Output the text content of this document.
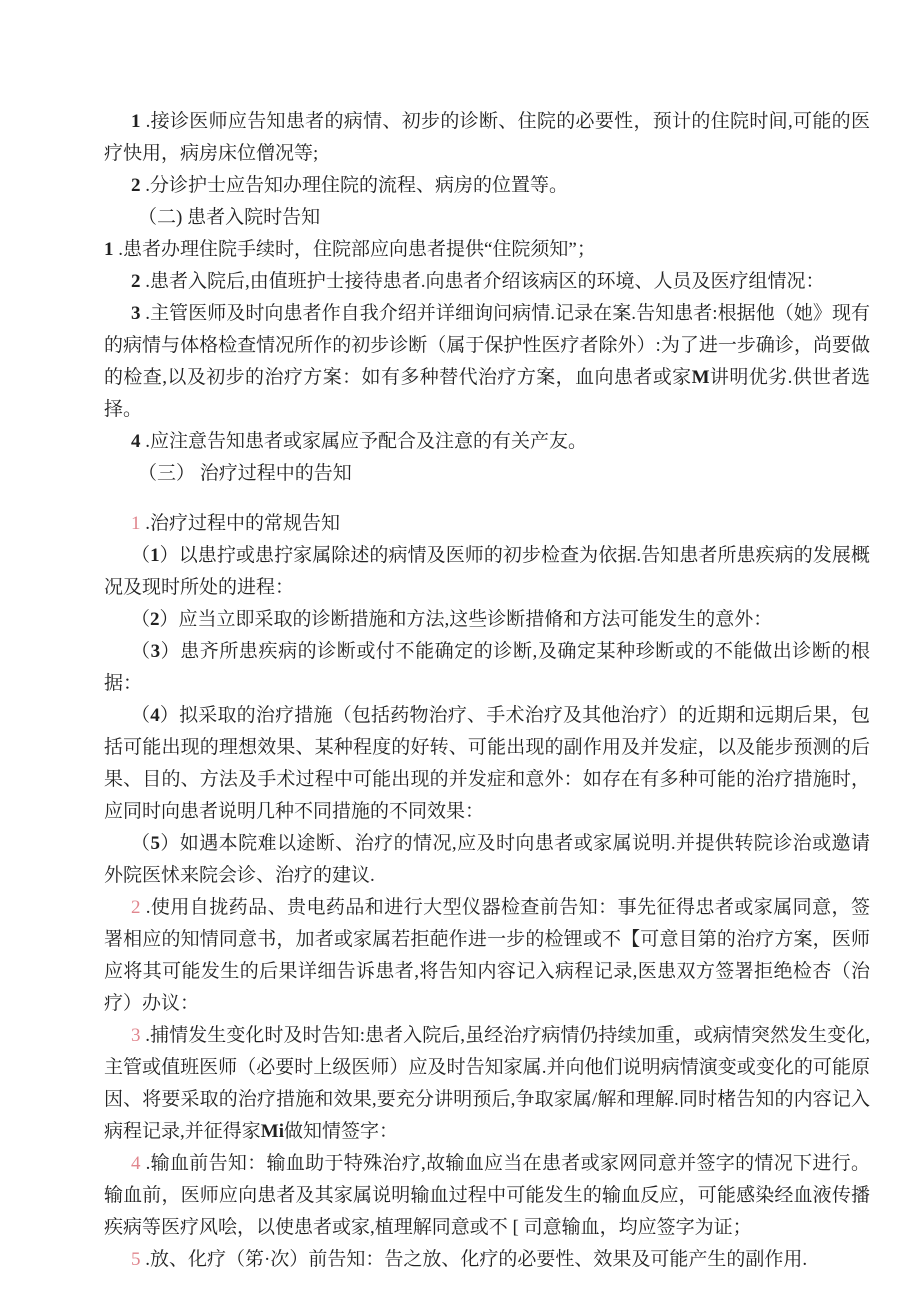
1 .接诊医师应告知患者的病情、初步的诊断、住院的必要性，预计的住院时间,可能的医疗快用，病房床位僧况等;

2 .分诊护士应告知办理住院的流程、病房的位置等。

（二) 患者入院时告知

1 .患者办理住院手续时，住院部应向患者提供“住院须知”；

2 .患者入院后,由值班护士接待患者.向患者介绍该病区的环境、人员及医疗组情况：

3 .主管医师及时向患者作自我介绍并详细询问病情.记录在案.告知患者:根据他（她》现有的病情与体格检查情况所作的初步诊断（属于保护性医疗者除外）:为了进一步确诊，尚要做的检查,以及初步的治疗方案：如有多种替代治疗方案，血向患者或家M讲明优劣.供世者选择。

4 .应注意告知患者或家属应予配合及注意的有关产友。

（三） 治疗过程中的告知

1 .治疗过程中的常规告知

（1）以患拧或患拧家属除述的病情及医师的初步检查为依据.告知患者所患疾病的发展概况及现时所处的进程：

（2）应当立即采取的诊断措施和方法,这些诊断措脩和方法可能发生的意外：

（3）患齐所患疾病的诊断或付不能确定的诊断,及确定某种珍断或的不能做出诊断的根据：

（4）拟采取的治疗措施（包括药物治疗、手术治疗及其他治疗）的近期和远期后果，包括可能出现的理想效果、某种程度的好转、可能出现的副作用及并发症，以及能步预测的后果、目的、方法及手术过程中可能出现的并发症和意外：如存在有多种可能的治疗措施时，应同时向患者说明几种不同措施的不同效果：

（5）如遇本院难以途断、治疗的情况,应及时向患者或家属说明.并提供转院诊治或邀请外院医怵来院会诊、治疗的建议.

2 .使用自拢药品、贵电药品和进行大型仪器检查前告知：事先征得忠者或家属同意，签署相应的知情同意书，加者或家属若拒葩作进一步的检锂或不【可意目第的治疗方案，医师应将其可能发生的后果详细告诉患者,将告知内容记入病程记录,医患双方签署拒绝检杏（治疗）办议：

3 .捕情发生变化时及时告知:患者入院后,虽经治疗病情仍持续加重，或病情突然发生变化,主管或值班医师（必要时上级医师）应及时告知家属.并向他们说明病情演变或变化的可能原因、将要采取的治疗措施和效果,要充分讲明预后,争取家属/解和理解.同时楮告知的内容记入病程记录,并征得家Mi做知情签字：

4 .输血前告知：输血助于特殊治疗,故输血应当在患者或家网同意并签字的情况下进行。输血前，医师应向患者及其家属说明输血过程中可能发生的输血反应，可能感染经血液传播疾病等医疗风哙，以使患者或家,植理解同意或不 [ 司意输血，均应签字为证；

5 .放、化疗（笫·次）前告知：告之放、化疗的必要性、效果及可能产生的副作用.
